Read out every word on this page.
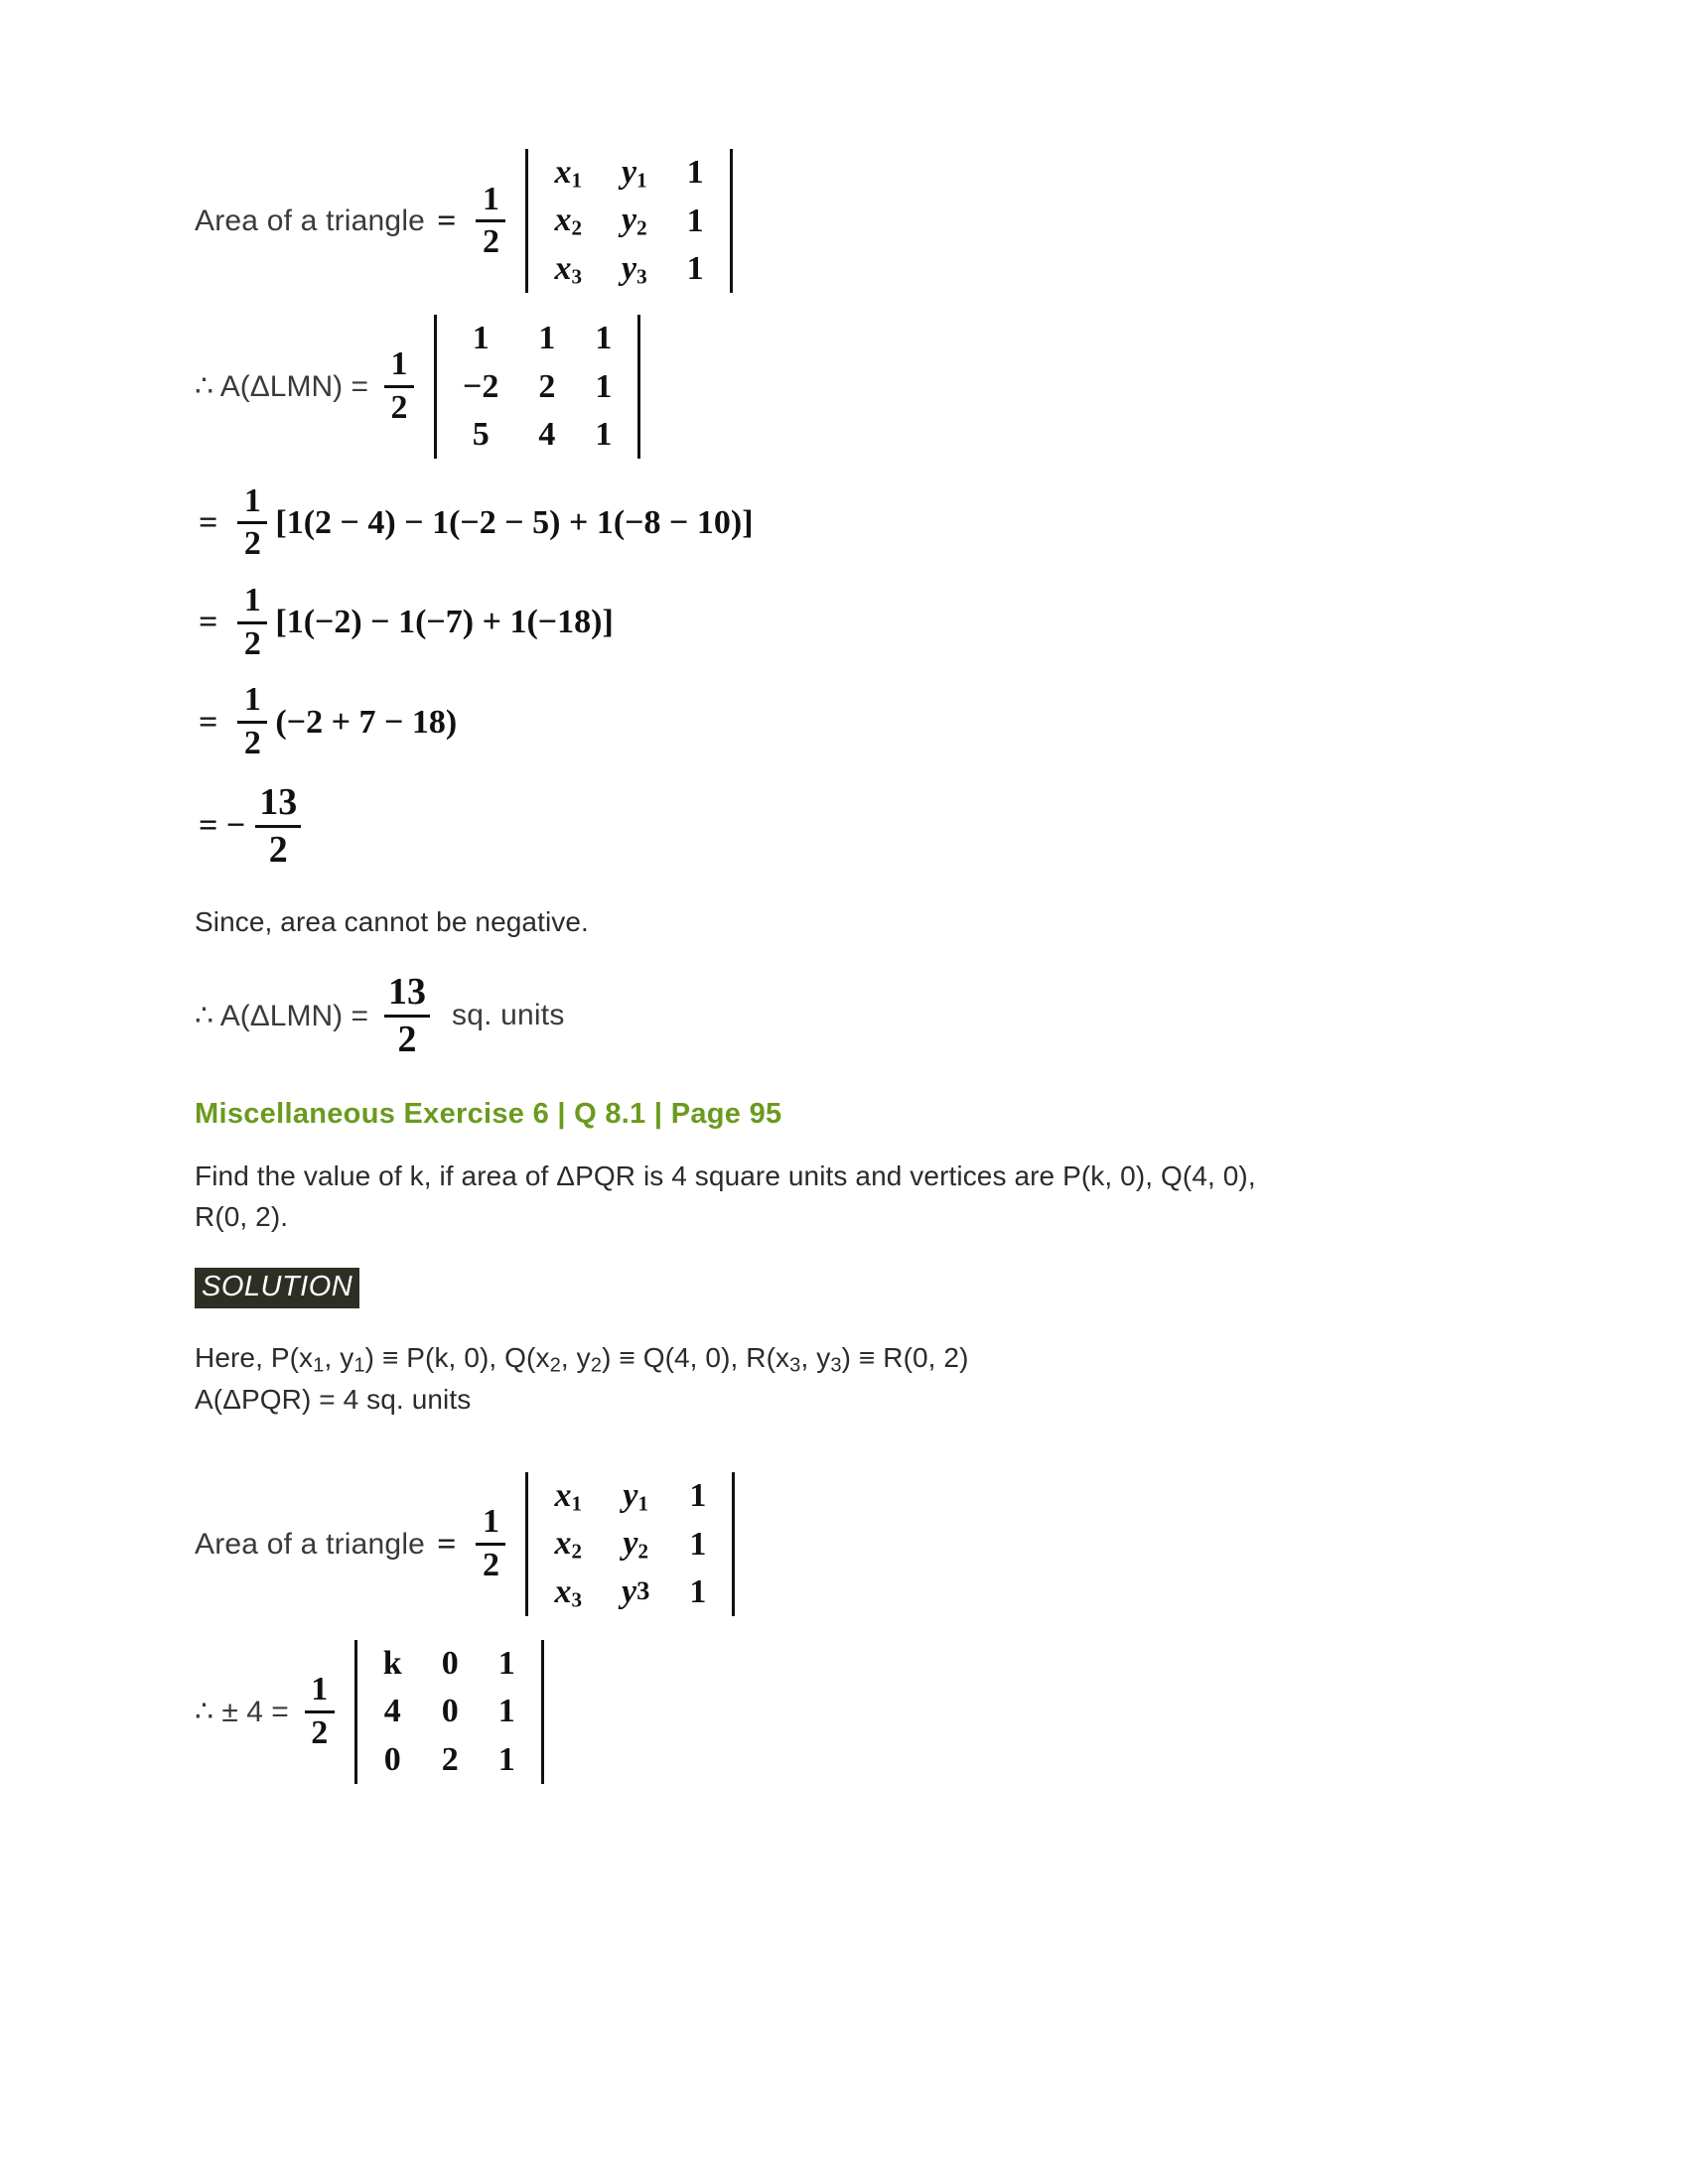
Area of a triangle = $\frac{1}{2}$
$x_1$	$y_1$	1
$x_2$	$y_2$	1
$x_3$	$y_3$	1
∴ $A(\Delta LMN) = \frac{1}{2}$
1	1	1
−2	2	1
5	4	1
= $\frac{1}{2} [1(2 - 4) - 1(-2 - 5) + 1(-8 - 10)]$
= $\frac{1}{2} [1(-2) - 1(-7) + 1(-18)]$
= $\frac{1}{2} (-2 + 7 - 18)$
= − $\frac{13}{2}$
Since, area cannot be negative.
∴ $A(\Delta LMN) = \frac{13}{2}$ sq. units
Miscellaneous Exercise 6 | Q 8.1 | Page 95
Find the value of k, if area of ΔPQR is 4 square units and vertices are P(k, 0), Q(4, 0),
R(0, 2).
SOLUTION
Here, $P(x_1$, $y_1) \equiv P(k$, 0), $Q(x_2$, $y_2) \equiv Q(4$, 0), $R(x_3$, $y_3) \equiv R(0$, 2)
A(ΔPQR) = 4 sq. units
Area of a triangle = $\frac{1}{2}$
$x_1$	$y_1$	1
$x_2$	$y_2$	1
$x_3$	y3	1
∴ ± $4 = \frac{1}{2}$
k	0	1
4	0	1
0	2	1
